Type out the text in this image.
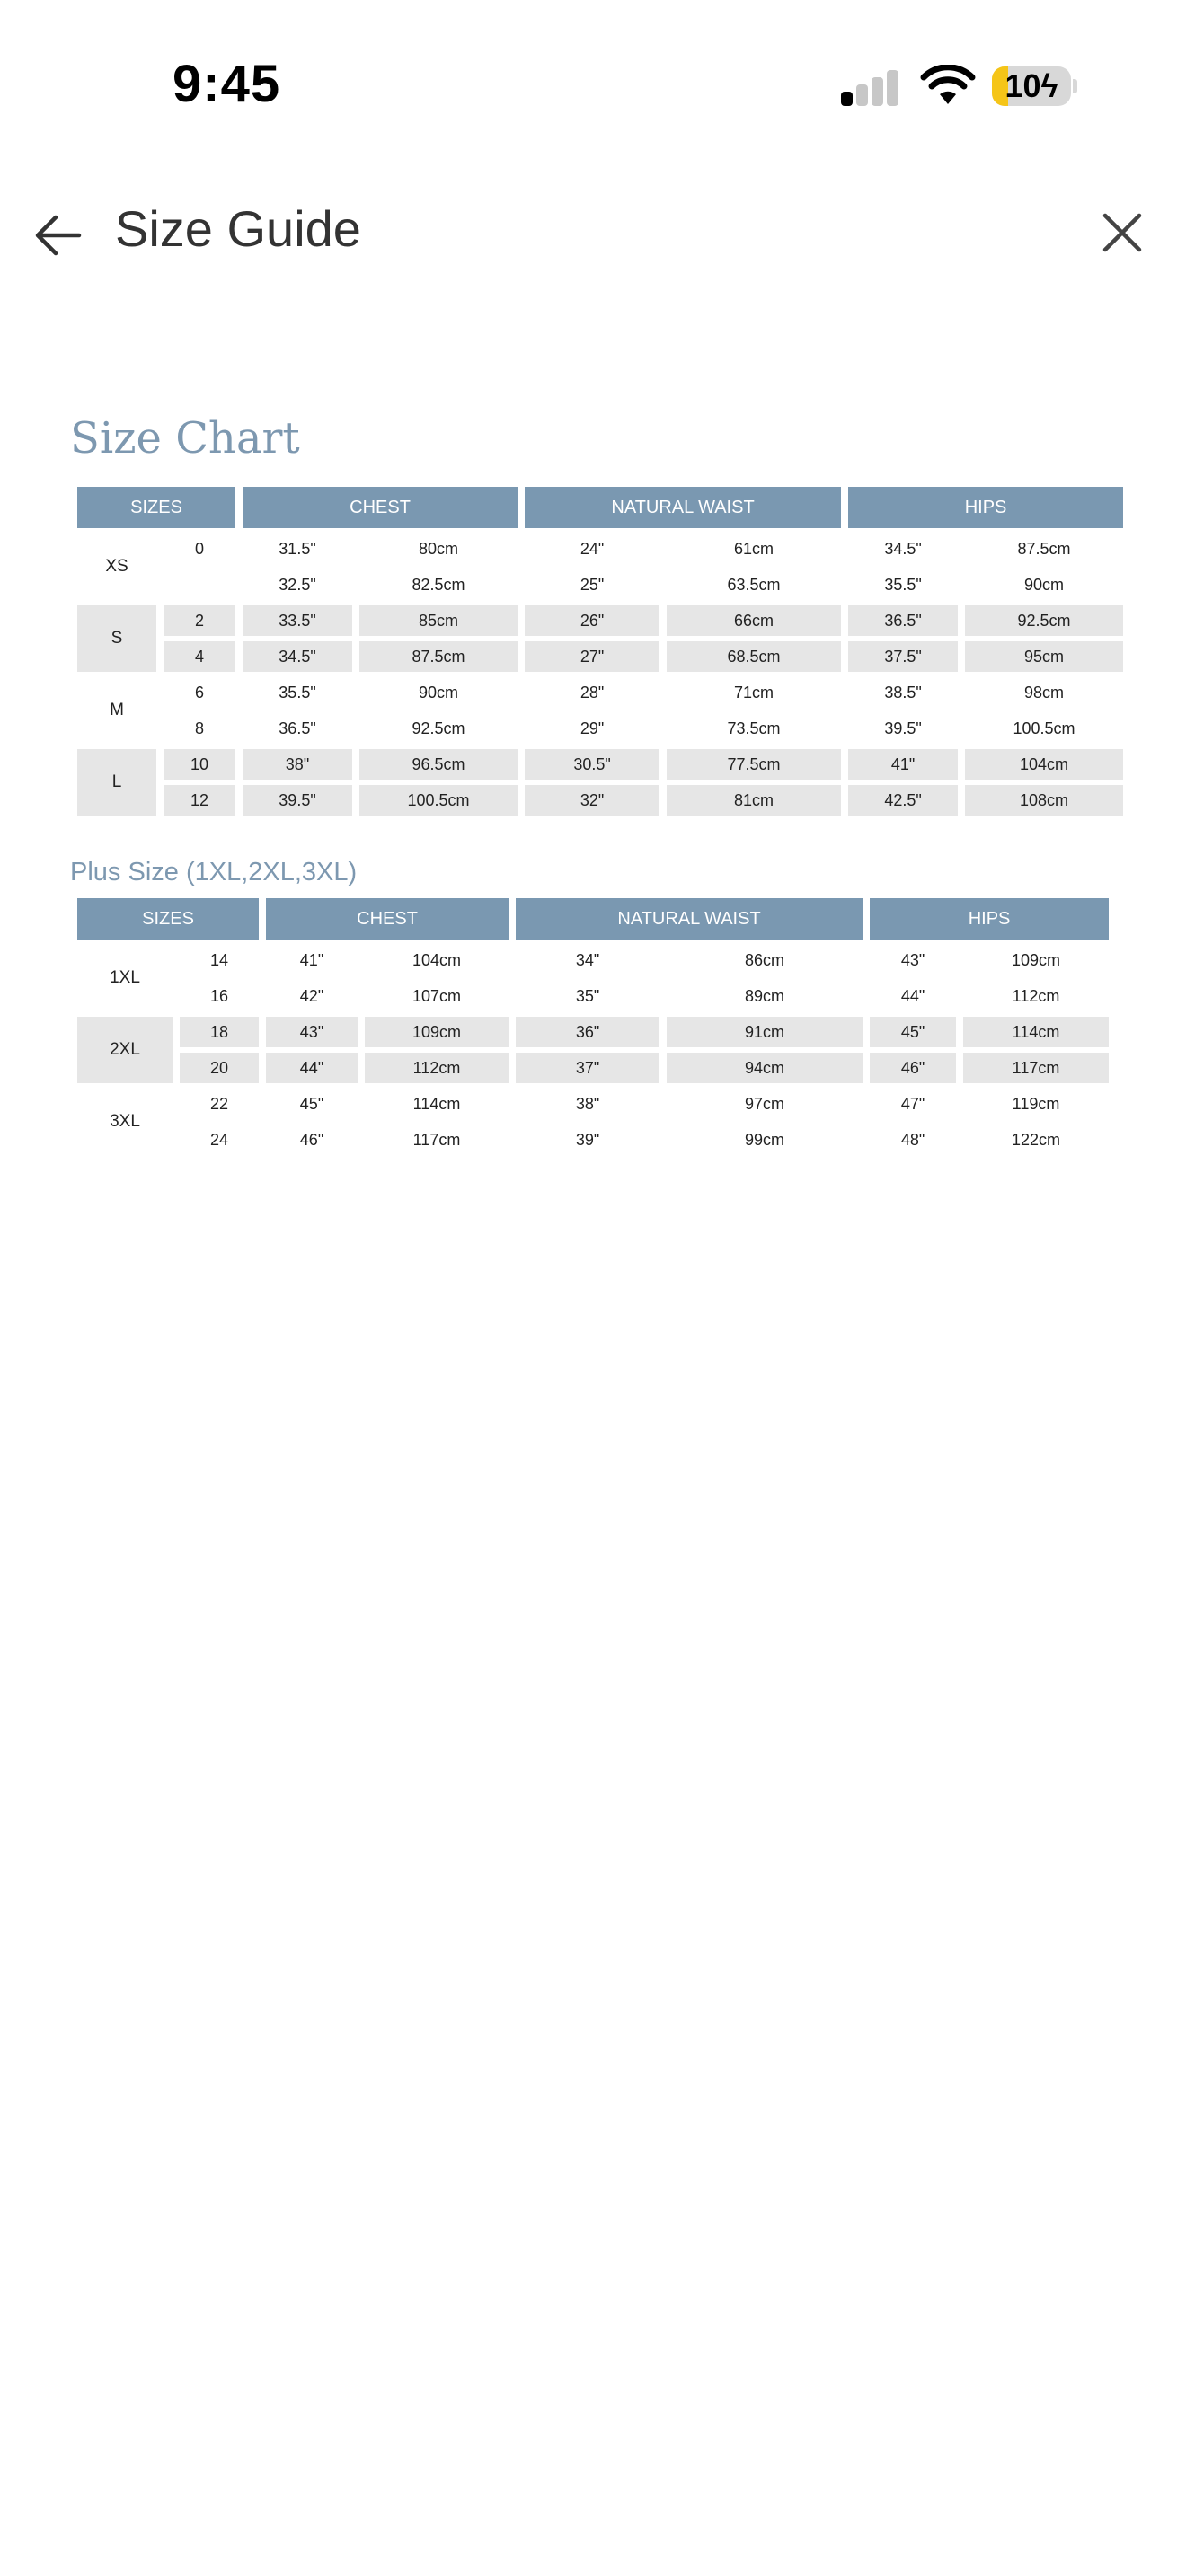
9:45	10ϟ
Size Guide
Size Chart
SIZES		CHEST		NATURAL WAIST		HIPS	
XS	0	31.5"	80cm	24"	61cm	34.5"	87.5cm
		32.5"	82.5cm	25"	63.5cm	35.5"	90cm
S	2	33.5"	85cm	26"	66cm	36.5"	92.5cm
	4	34.5"	87.5cm	27"	68.5cm	37.5"	95cm
M	6	35.5"	90cm	28"	71cm	38.5"	98cm
	8	36.5"	92.5cm	29"	73.5cm	39.5"	100.5cm
L	10	38"	96.5cm	30.5"	77.5cm	41"	104cm
	12	39.5"	100.5cm	32"	81cm	42.5"	108cm
Plus Size (1XL,2XL,3XL)
SIZES		CHEST		NATURAL WAIST		HIPS	
1XL	14	41"	104cm	34"	86cm	43"	109cm
	16	42"	107cm	35"	89cm	44"	112cm
2XL	18	43"	109cm	36"	91cm	45"	114cm
	20	44"	112cm	37"	94cm	46"	117cm
3XL	22	45"	114cm	38"	97cm	47"	119cm
	24	46"	117cm	39"	99cm	48"	122cm
